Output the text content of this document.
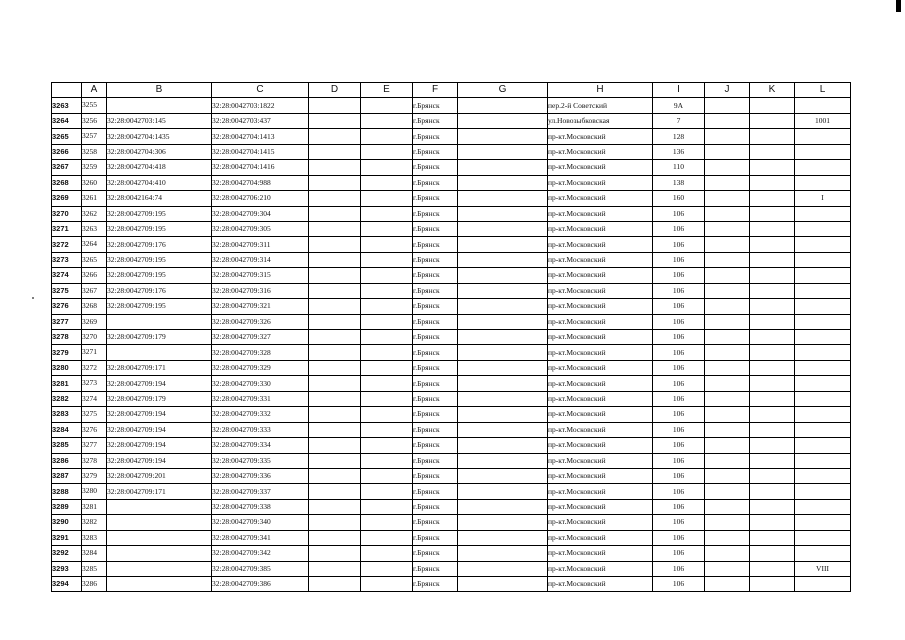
	A	B	C	D	E	F	G	H	I	J	K	L
3263	3255		32:28:0042703:1822			г.Брянск		пер.2-й Советский	9А			
3264	3256	32:28:0042703:145	32:28:0042703:437			г.Брянск		ул.Новозыбковская	7			1001
3265	3257	32:28:0042704:1435	32:28:0042704:1413			г.Брянск		пр-кт.Московский	128			
3266	3258	32:28:0042704:306	32:28:0042704:1415			г.Брянск		пр-кт.Московский	136			
3267	3259	32:28:0042704:418	32:28:0042704:1416			г.Брянск		пр-кт.Московский	110			
3268	3260	32:28:0042704:410	32:28:0042704:988			г.Брянск		пр-кт.Московский	138			
3269	3261	32:28:0042164:74	32:28:0042706:210			г.Брянск		пр-кт.Московский	160			I
3270	3262	32:28:0042709:195	32:28:0042709:304			г.Брянск		пр-кт.Московский	106			
3271	3263	32:28:0042709:195	32:28:0042709:305			г.Брянск		пр-кт.Московский	106			
3272	3264	32:28:0042709:176	32:28:0042709:311			г.Брянск		пр-кт.Московский	106			
3273	3265	32:28:0042709:195	32:28:0042709:314			г.Брянск		пр-кт.Московский	106			
3274	3266	32:28:0042709:195	32:28:0042709:315			г.Брянск		пр-кт.Московский	106			
3275	3267	32:28:0042709:176	32:28:0042709:316			г.Брянск		пр-кт.Московский	106			
3276	3268	32:28:0042709:195	32:28:0042709:321			г.Брянск		пр-кт.Московский	106			
3277	3269		32:28:0042709:326			г.Брянск		пр-кт.Московский	106			
3278	3270	32:28:0042709:179	32:28:0042709:327			г.Брянск		пр-кт.Московский	106			
3279	3271		32:28:0042709:328			г.Брянск		пр-кт.Московский	106			
3280	3272	32:28:0042709:171	32:28:0042709:329			г.Брянск		пр-кт.Московский	106			
3281	3273	32:28:0042709:194	32:28:0042709:330			г.Брянск		пр-кт.Московский	106			
3282	3274	32:28:0042709:179	32:28:0042709:331			г.Брянск		пр-кт.Московский	106			
3283	3275	32:28:0042709:194	32:28:0042709:332			г.Брянск		пр-кт.Московский	106			
3284	3276	32:28:0042709:194	32:28:0042709:333			г.Брянск		пр-кт.Московский	106			
3285	3277	32:28:0042709:194	32:28:0042709:334			г.Брянск		пр-кт.Московский	106			
3286	3278	32:28:0042709:194	32:28:0042709:335			г.Брянск		пр-кт.Московский	106			
3287	3279	32:28:0042709:201	32:28:0042709:336			г.Брянск		пр-кт.Московский	106			
3288	3280	32:28:0042709:171	32:28:0042709:337			г.Брянск		пр-кт.Московский	106			
3289	3281		32:28:0042709:338			г.Брянск		пр-кт.Московский	106			
3290	3282		32:28:0042709:340			г.Брянск		пр-кт.Московский	106			
3291	3283		32:28:0042709:341			г.Брянск		пр-кт.Московский	106			
3292	3284		32:28:0042709:342			г.Брянск		пр-кт.Московский	106			
3293	3285		32:28:0042709:385			г.Брянск		пр-кт.Московский	106			VIII
3294	3286		32:28:0042709:386			г.Брянск		пр-кт.Московский	106			
